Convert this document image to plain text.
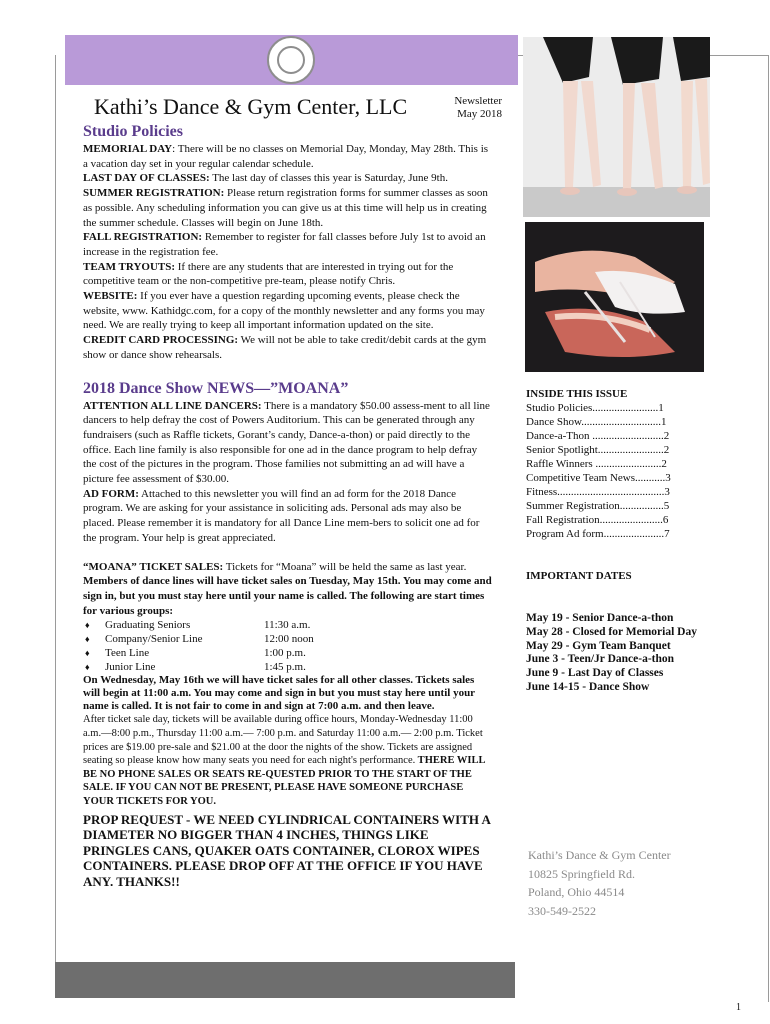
Kathi’s Dance & Gym Center, LLC	Newsletter
May 2018
Studio Policies

MEMORIAL DAY: There will be no classes on Memorial Day, Monday, May 28th. This is a vacation day set in your regular calendar schedule.

LAST DAY OF CLASSES: The last day of classes this year is Saturday, June 9th.

SUMMER REGISTRATION: Please return registration forms for summer classes as soon as possible. Any scheduling information you can give us at this time will help us in creating the summer schedule. Classes will begin on June 18th.

FALL REGISTRATION: Remember to register for fall classes before July 1st to avoid an increase in the registration fee.

TEAM TRYOUTS: If there are any students that are interested in trying out for the competitive team or the non-competitive pre-team, please notify Chris.

WEBSITE: If you ever have a question regarding upcoming events, please check the website, www. Kathidgc.com, for a copy of the monthly newsletter and any forms you may need. We are really trying to keep all important information updated on the site.

CREDIT CARD PROCESSING: We will not be able to take credit/debit cards at the gym show or dance show rehearsals.

2018 Dance Show NEWS—”MOANA”

ATTENTION ALL LINE DANCERS: There is a mandatory $50.00 assess-ment to all line dancers to help defray the cost of Powers Auditorium. This can be generated through any fundraisers (such as Raffle tickets, Gorant’s candy, Dance-a-thon) or paid directly to the office. Each line family is also responsible for one ad in the dance program to help defray the cost of the pictures in the program. Those families not submitting an ad will have a picture fee assessment of $30.00.

AD FORM: Attached to this newsletter you will find an ad form for the 2018 Dance program. We are asking for your assistance in soliciting ads. Personal ads may also be placed. Please remember it is mandatory for all Dance Line mem-bers to solicit one ad for the program. Your help is great appreciated.

“MOANA” TICKET SALES: Tickets for “Moana” will be held the same as last year.

Members of dance lines will have ticket sales on Tuesday, May 15th. You may come and sign in, but you must stay here until your name is called. The following are start times for various groups:

♦ Graduating Seniors	11:30 a.m.
♦ Company/Senior Line	12:00 noon
♦ Teen Line	1:00 p.m.
♦ Junior Line	1:45 p.m.

On Wednesday, May 16th we will have ticket sales for all other classes. Tickets sales will begin at 11:00 a.m. You may come and sign in but you must stay here until your name is called. It is not fair to come in and sign at 7:00 a.m. and then leave.

After ticket sale day, tickets will be available during office hours, Monday-Wednesday 11:00 a.m.—8:00 p.m., Thursday 11:00 a.m.— 7:00 p.m. and Saturday 11:00 a.m.— 2:00 p.m. Ticket prices are $19.00 pre-sale and $21.00 at the door the nights of the show. Tickets are assigned seating so please know how many seats you need for each night's performance. THERE WILL BE NO PHONE SALES OR SEATS RE-QUESTED PRIOR TO THE START OF THE SALE. IF YOU CAN NOT BE PRESENT, PLEASE HAVE SOMEONE PURCHASE YOUR TICKETS FOR YOU.

PROP REQUEST - WE NEED CYLINDRICAL CONTAINERS WITH A DIAMETER NO BIGGER THAN 4 INCHES, THINGS LIKE PRINGLES CANS, QUAKER OATS CONTAINER, CLOROX WIPES CONTAINERS. PLEASE DROP OFF AT THE OFFICE IF YOU HAVE ANY. THANKS!!

INSIDE THIS ISSUE
Studio Policies........................1
Dance Show.............................1
Dance-a-Thon ..........................2
Senior Spotlight........................2
Raffle Winners ........................2
Competitive Team News...........3
Fitness.......................................3
Summer Registration................5
Fall Registration.......................6
Program Ad form......................7
IMPORTANT DATES
May 19 - Senior Dance-a-thon
May 28 - Closed for Memorial Day
May 29 - Gym Team Banquet
June 3 - Teen/Jr Dance-a-thon
June 9 - Last Day of Classes
June 14-15 - Dance Show
Kathi’s Dance & Gym Center
10825 Springfield Rd.
Poland, Ohio 44514
330-549-2522
1
